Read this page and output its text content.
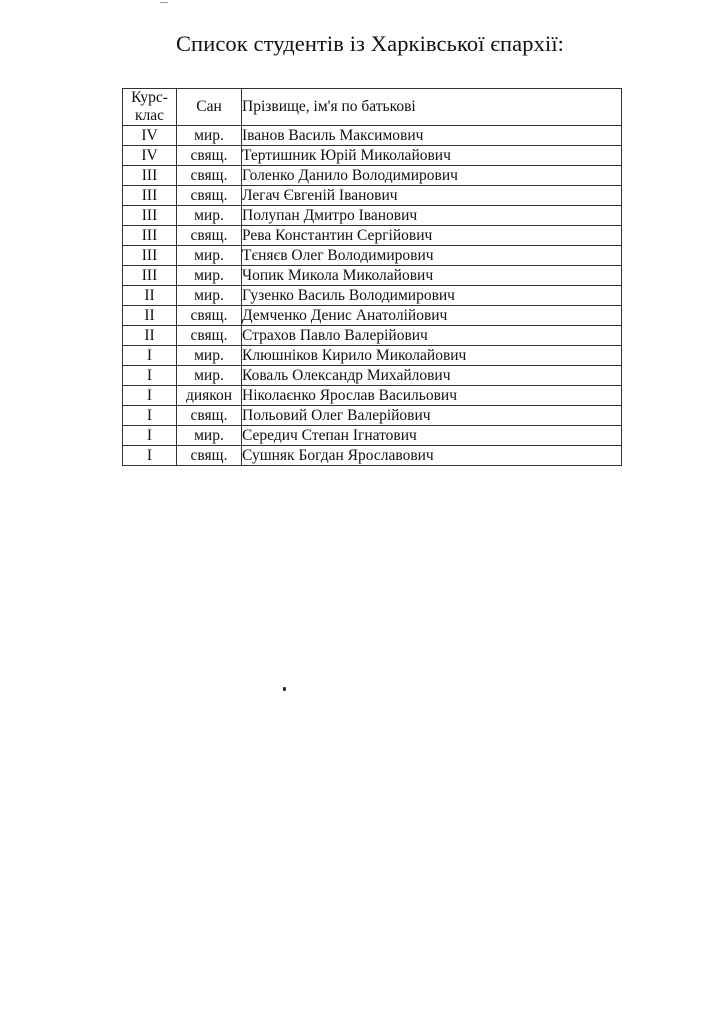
Список студентів із Харківської єпархії:
Курс-
клас	Сан	Прізвище, ім'я по батькові
IV	мир.	Іванов Василь Максимович
IV	свящ.	Тертишник Юрій Миколайович
III	свящ.	Голенко Данило Володимирович
III	свящ.	Легач Євгеній Іванович
III	мир.	Полупан Дмитро Іванович
III	свящ.	Рева Константин Сергійович
III	мир.	Тєняєв Олег Володимирович
III	мир.	Чопик Микола Миколайович
II	мир.	Гузенко Василь Володимирович
II	свящ.	Демченко Денис Анатолійович
II	свящ.	Страхов Павло Валерійович
I	мир.	Клюшніков Кирило Миколайович
I	мир.	Коваль Олександр Михайлович
I	диякон	Ніколаєнко Ярослав Васильович
I	свящ.	Польовий Олег Валерійович
I	мир.	Середич Степан Ігнатович
I	свящ.	Сушняк Богдан Ярославович
